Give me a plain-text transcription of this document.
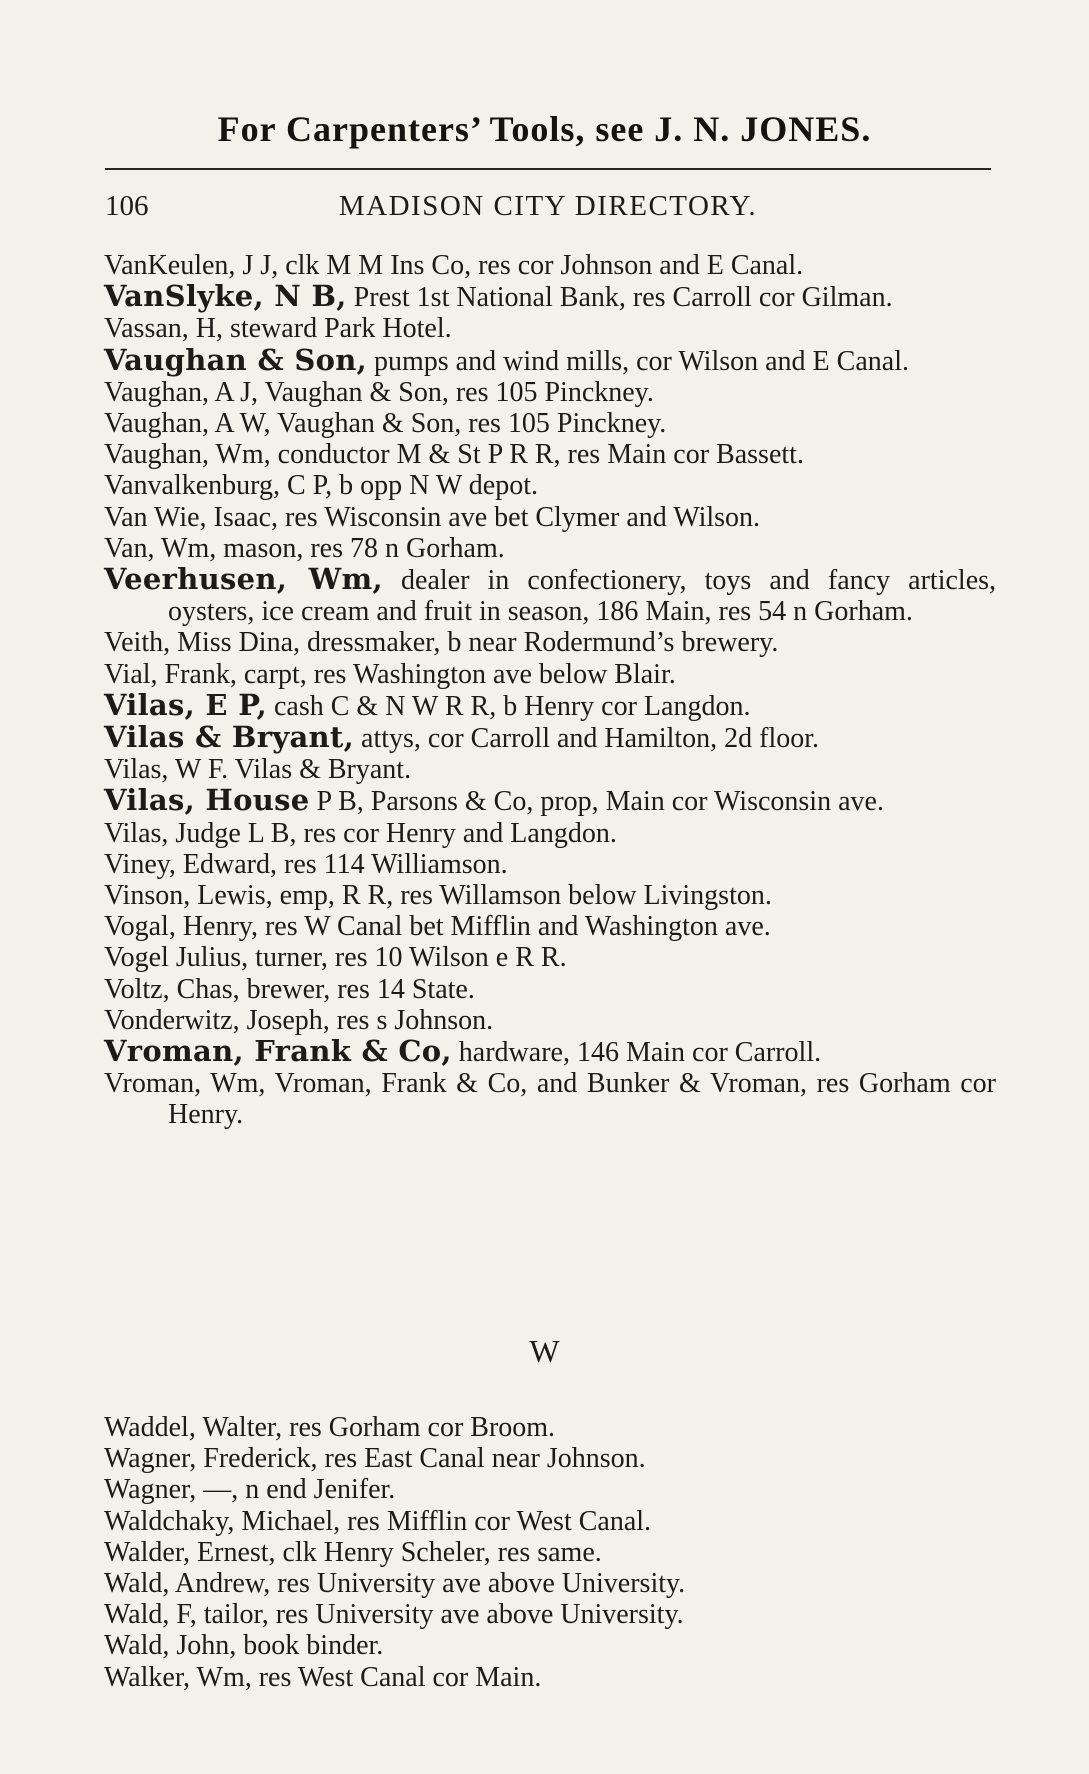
For Carpenters’ Tools, see J. N. JONES.
106	MADISON CITY DIRECTORY.

VanKeulen, J J, clk M M Ins Co, res cor Johnson and E Canal.

VanSlyke, N B, Prest 1st National Bank, res Carroll cor Gilman.

Vassan, H, steward Park Hotel.

Vaughan & Son, pumps and wind mills, cor Wilson and E Canal.

Vaughan, A J, Vaughan & Son, res 105 Pinckney.

Vaughan, A W, Vaughan & Son, res 105 Pinckney.

Vaughan, Wm, conductor M & St P R R, res Main cor Bassett.

Vanvalkenburg, C P, b opp N W depot.

Van Wie, Isaac, res Wisconsin ave bet Clymer and Wilson.

Van, Wm, mason, res 78 n Gorham.

Veerhusen, Wm, dealer in confectionery, toys and fancy articles, oysters, ice cream and fruit in season, 186 Main, res 54 n Gorham.

Veith, Miss Dina, dressmaker, b near Rodermund’s brewery.

Vial, Frank, carpt, res Washington ave below Blair.

Vilas, E P, cash C & N W R R, b Henry cor Langdon.

Vilas & Bryant, attys, cor Carroll and Hamilton, 2d floor.

Vilas, W F. Vilas & Bryant.

Vilas, House P B, Parsons & Co, prop, Main cor Wisconsin ave.

Vilas, Judge L B, res cor Henry and Langdon.

Viney, Edward, res 114 Williamson.

Vinson, Lewis, emp, R R, res Willamson below Livingston.

Vogal, Henry, res W Canal bet Mifflin and Washington ave.

Vogel Julius, turner, res 10 Wilson e R R.

Voltz, Chas, brewer, res 14 State.

Vonderwitz, Joseph, res s Johnson.

Vroman, Frank & Co, hardware, 146 Main cor Carroll.

Vroman, Wm, Vroman, Frank & Co, and Bunker & Vroman, res Gorham cor Henry.

W

Waddel, Walter, res Gorham cor Broom.

Wagner, Frederick, res East Canal near Johnson.

Wagner, —, n end Jenifer.

Waldchaky, Michael, res Mifflin cor West Canal.

Walder, Ernest, clk Henry Scheler, res same.

Wald, Andrew, res University ave above University.

Wald, F, tailor, res University ave above University.

Wald, John, book binder.

Walker, Wm, res West Canal cor Main.
